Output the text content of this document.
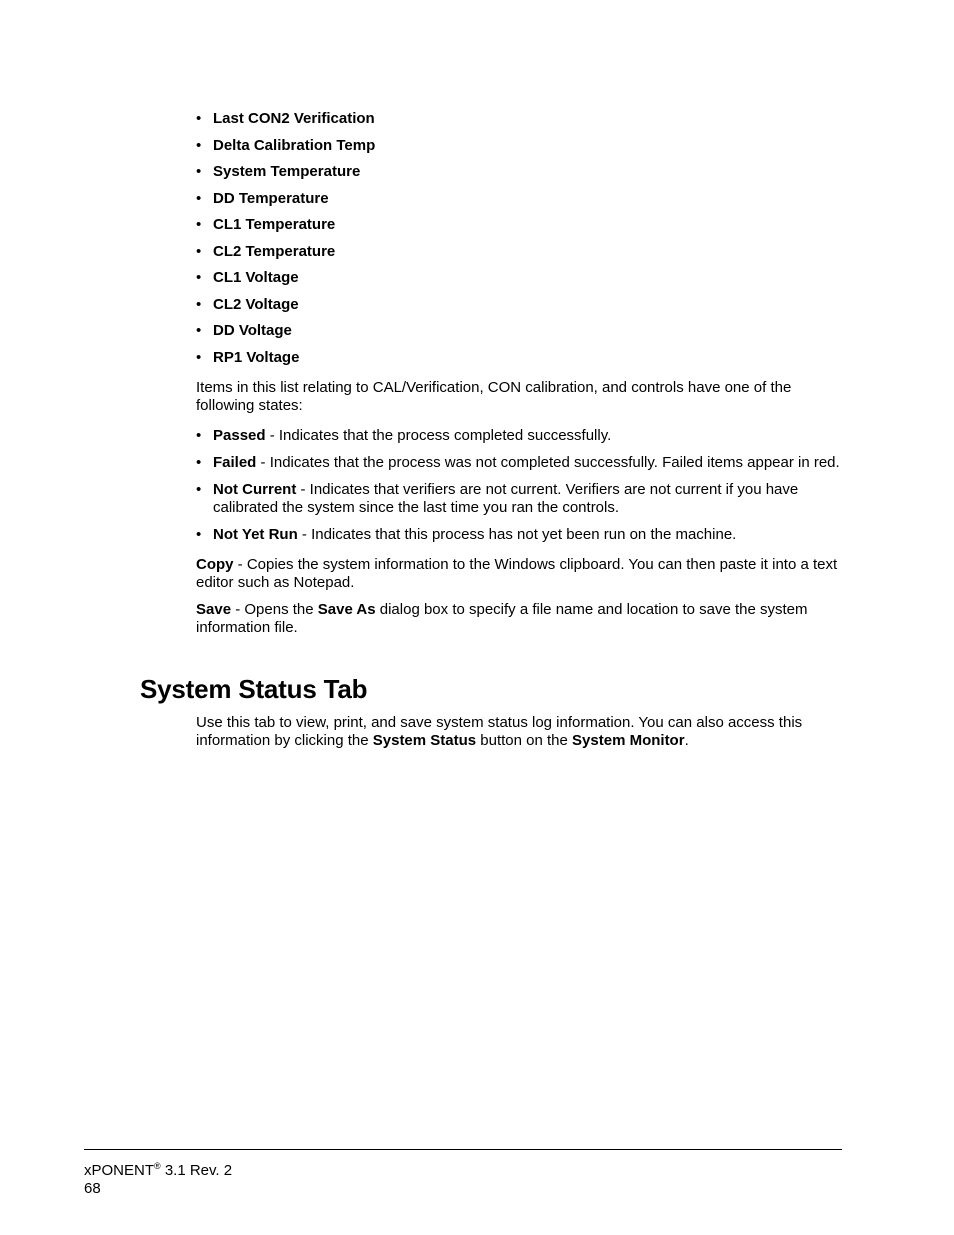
• Last CON2 Verification
• Delta Calibration Temp
• System Temperature
• DD Temperature
• CL1 Temperature
• CL2 Temperature
• CL1 Voltage
• CL2 Voltage
• DD Voltage
• RP1 Voltage

Items in this list relating to CAL/Verification, CON calibration, and controls have one of the following states:

• Passed - Indicates that the process completed successfully.
• Failed - Indicates that the process was not completed successfully. Failed items appear in red.
• Not Current - Indicates that verifiers are not current. Verifiers are not current if you have calibrated the system since the last time you ran the controls.
• Not Yet Run - Indicates that this process has not yet been run on the machine.

Copy - Copies the system information to the Windows clipboard. You can then paste it into a text editor such as Notepad.

Save - Opens the Save As dialog box to specify a file name and location to save the system information file.

System Status Tab

Use this tab to view, print, and save system status log information. You can also access this information by clicking the System Status button on the System Monitor.

xPONENT® 3.1 Rev. 2
68
